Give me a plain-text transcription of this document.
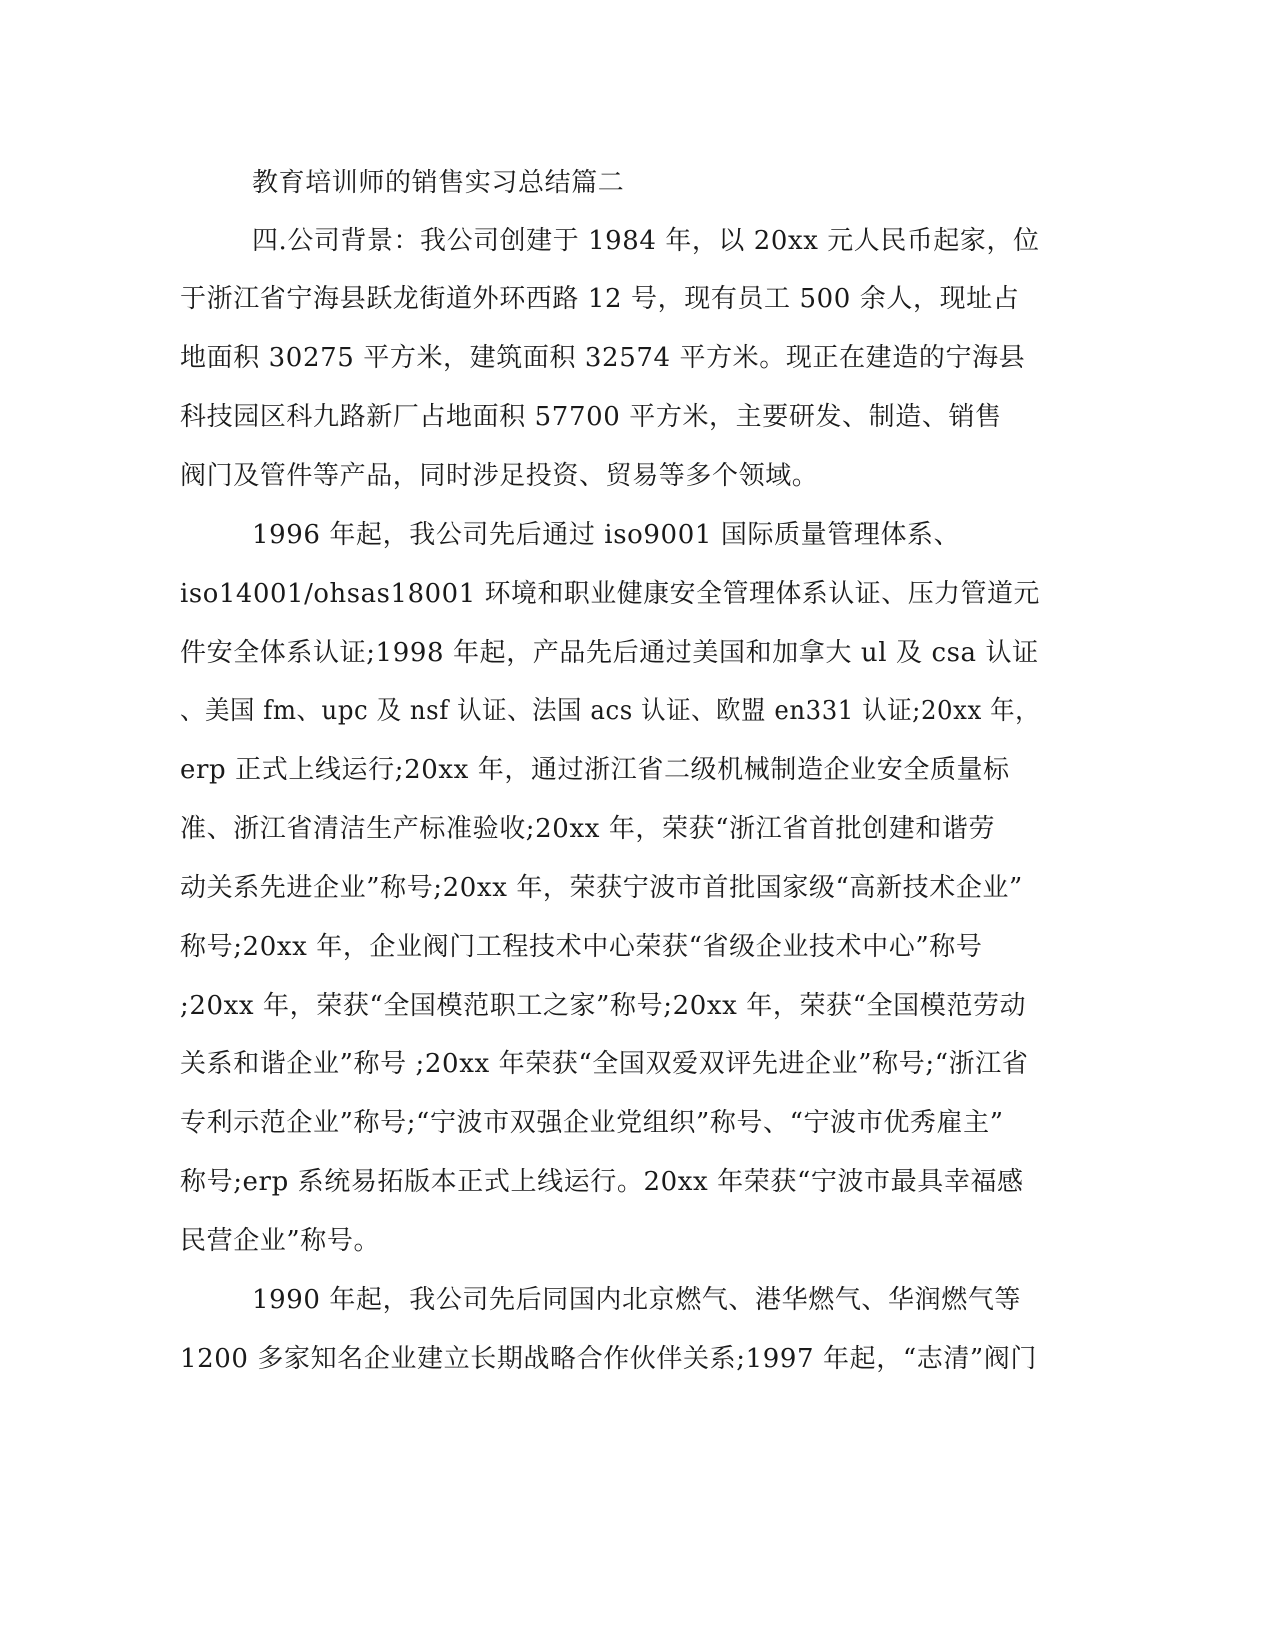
教育培训师的销售实习总结篇二

四.公司背景：我公司创建于 1984 年，以 20xx 元人民币起家，位

于浙江省宁海县跃龙街道外环西路 12 号，现有员工 500 余人，现址占

地面积 30275 平方米，建筑面积 32574 平方米。现正在建造的宁海县

科技园区科九路新厂占地面积 57700 平方米，主要研发、制造、销售

阀门及管件等产品，同时涉足投资、贸易等多个领域。

1996 年起，我公司先后通过 iso9001 国际质量管理体系、

iso14001/ohsas18001 环境和职业健康安全管理体系认证、压力管道元

件安全体系认证;1998 年起，产品先后通过美国和加拿大 ul 及 csa 认证

、美国 fm、upc 及 nsf 认证、法国 acs 认证、欧盟 en331 认证;20xx 年，

erp 正式上线运行;20xx 年，通过浙江省二级机械制造企业安全质量标

准、浙江省清洁生产标准验收;20xx 年，荣获“浙江省首批创建和谐劳

动关系先进企业”称号;20xx 年，荣获宁波市首批国家级“高新技术企业”

称号;20xx 年，企业阀门工程技术中心荣获“省级企业技术中心”称号

;20xx 年，荣获“全国模范职工之家”称号;20xx 年，荣获“全国模范劳动

关系和谐企业”称号 ;20xx 年荣获“全国双爱双评先进企业”称号;“浙江省

专利示范企业”称号;“宁波市双强企业党组织”称号、“宁波市优秀雇主”

称号;erp 系统易拓版本正式上线运行。20xx 年荣获“宁波市最具幸福感

民营企业”称号。

1990 年起，我公司先后同国内北京燃气、港华燃气、华润燃气等

1200 多家知名企业建立长期战略合作伙伴关系;1997 年起，“志清”阀门
